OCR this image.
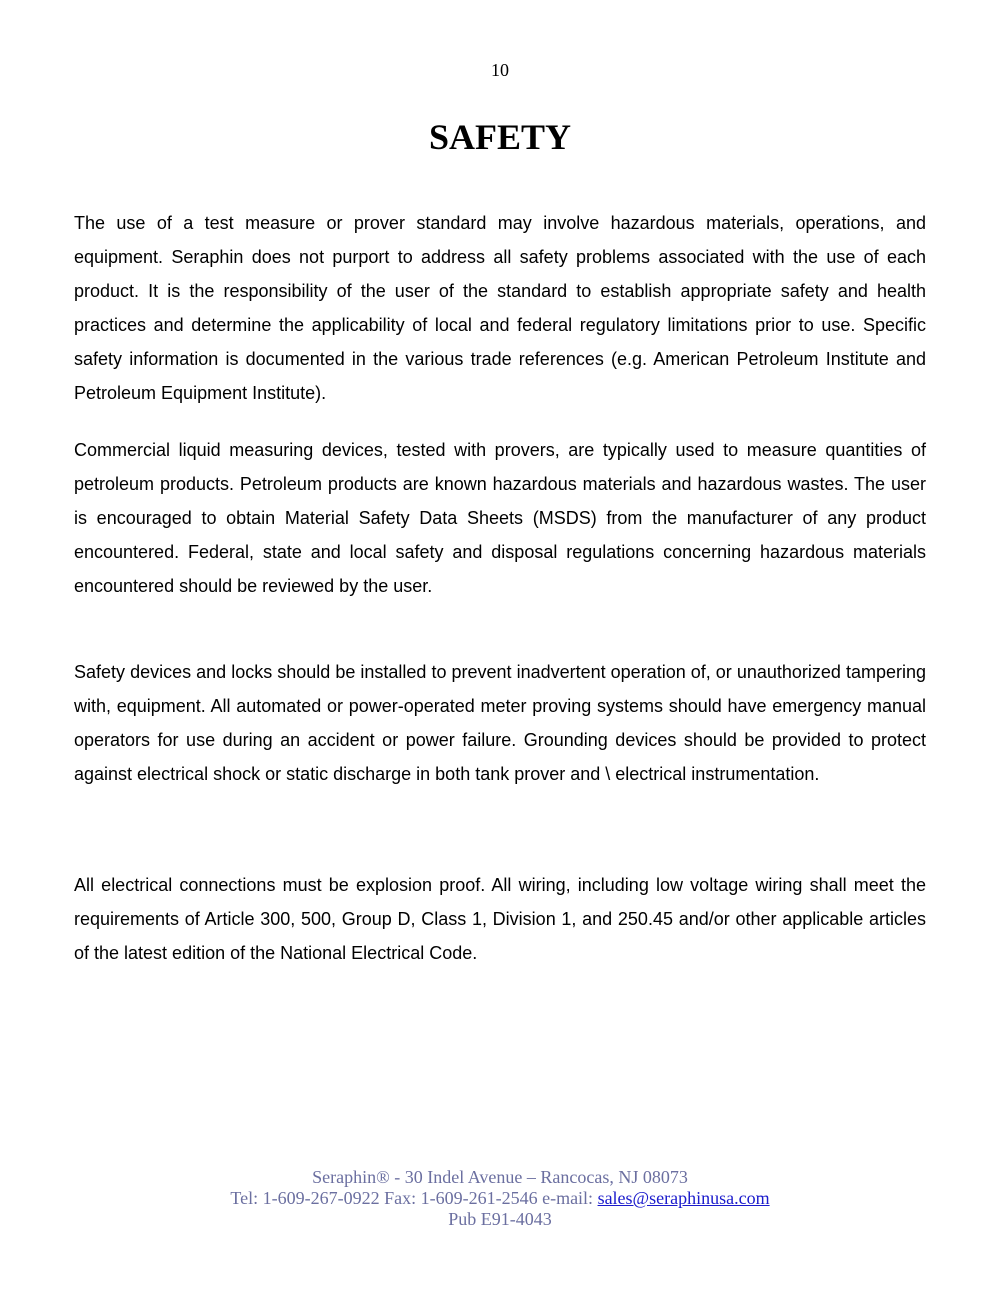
10
SAFETY

The use of a test measure or prover standard may involve hazardous materials, operations, and equipment. Seraphin does not purport to address all safety problems associated with the use of each product. It is the responsibility of the user of the standard to establish appropriate safety and health practices and determine the applicability of local and federal regulatory limitations prior to use. Specific safety information is documented in the various trade references (e.g. American Petroleum Institute and Petroleum Equipment Institute).

Commercial liquid measuring devices, tested with provers, are typically used to measure quantities of petroleum products. Petroleum products are known hazardous materials and hazardous wastes. The user is encouraged to obtain Material Safety Data Sheets (MSDS) from the manufacturer of any product encountered. Federal, state and local safety and disposal regulations concerning hazardous materials encountered should be reviewed by the user.

Safety devices and locks should be installed to prevent inadvertent operation of, or unauthorized tampering with, equipment. All automated or power-operated meter proving systems should have emergency manual operators for use during an accident or power failure. Grounding devices should be provided to protect against electrical shock or static discharge in both tank prover and \ electrical instrumentation.

All electrical connections must be explosion proof. All wiring, including low voltage wiring shall meet the requirements of Article 300, 500, Group D, Class 1, Division 1, and 250.45 and/or other applicable articles of the latest edition of the National Electrical Code.

Seraphin® - 30 Indel Avenue – Rancocas, NJ 08073
Tel: 1-609-267-0922 Fax: 1-609-261-2546 e-mail: sales@seraphinusa.com
Pub E91-4043
